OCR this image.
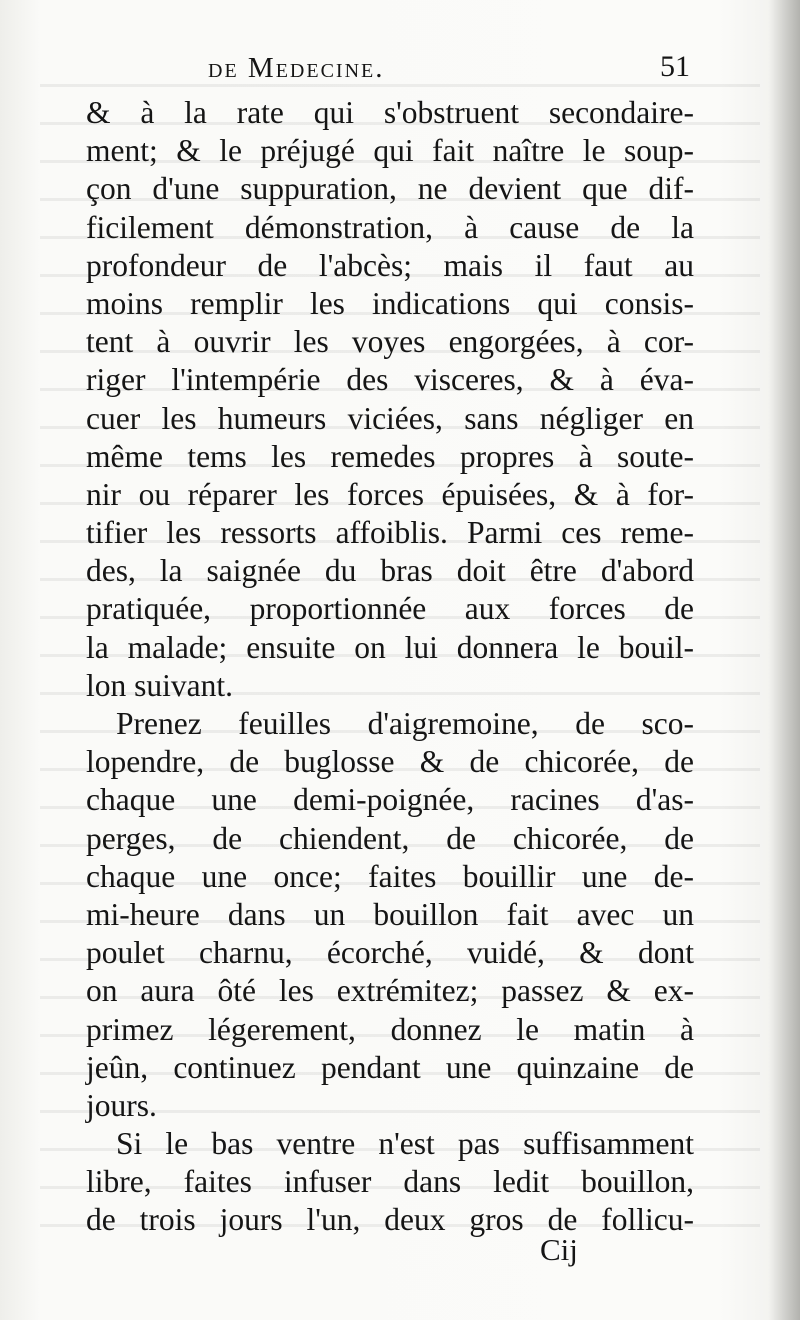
de Medecine.	51
& à la rate qui s'obstruent secondaire-
ment; & le préjugé qui fait naître le soup-
çon d'une suppuration, ne devient que dif-
ficilement démonstration, à cause de la
profondeur de l'abcès; mais il faut au
moins remplir les indications qui consis-
tent à ouvrir les voyes engorgées, à cor-
riger l'intempérie des visceres, & à éva-
cuer les humeurs viciées, sans négliger en
même tems les remedes propres à soute-
nir ou réparer les forces épuisées, & à for-
tifier les ressorts affoiblis. Parmi ces reme-
des, la saignée du bras doit être d'abord
pratiquée, proportionnée aux forces de
la malade; ensuite on lui donnera le bouil-
lon suivant.
Prenez feuilles d'aigremoine, de sco-
lopendre, de buglosse & de chicorée, de
chaque une demi-poignée, racines d'as-
perges, de chiendent, de chicorée, de
chaque une once; faites bouillir une de-
mi-heure dans un bouillon fait avec un
poulet charnu, écorché, vuidé, & dont
on aura ôté les extrémitez; passez & ex-
primez légerement, donnez le matin à
jeûn, continuez pendant une quinzaine de
jours.
Si le bas ventre n'est pas suffisamment
libre, faites infuser dans ledit bouillon,
de trois jours l'un, deux gros de follicu-
Cij
